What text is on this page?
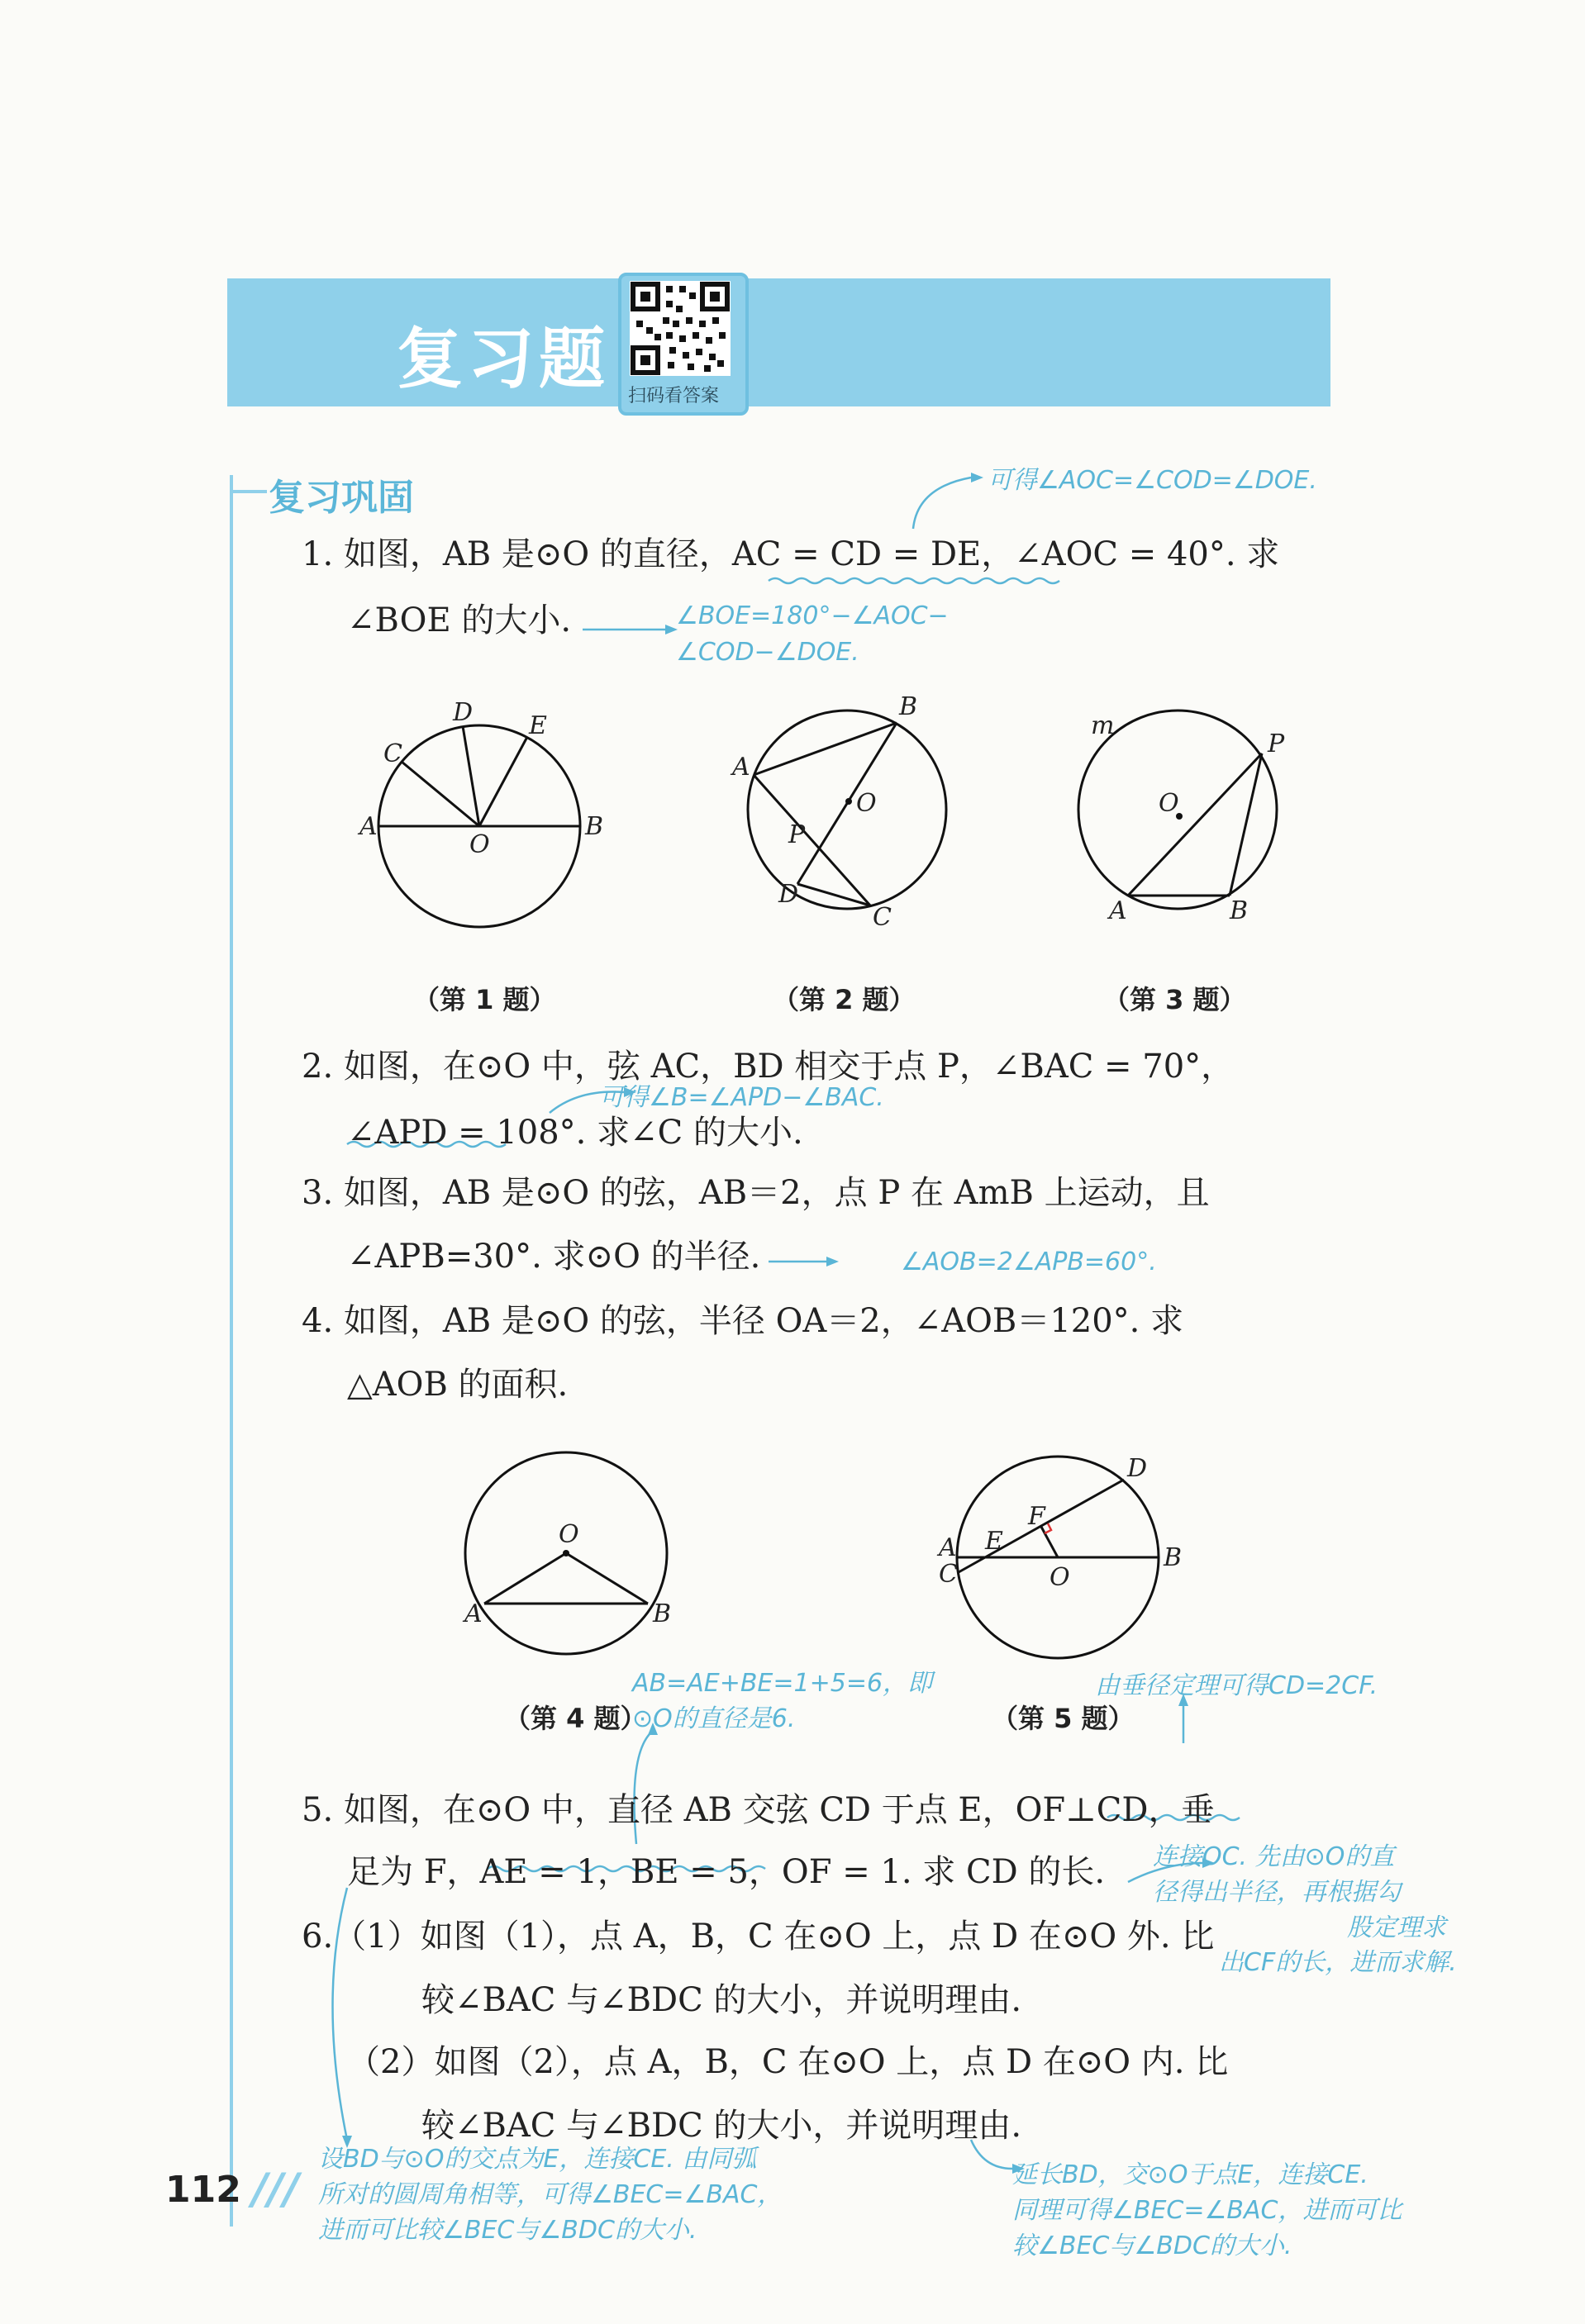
复习题 扫码看答案
复习巩固
1. 如图，AB 是⊙O 的直径，AC = CD = DE，∠AOC = 40°. 求
∠BOE 的大小.
2. 如图，在⊙O 中，弦 AC，BD 相交于点 P，∠BAC = 70°，
∠APD = 108°. 求∠C 的大小.
3. 如图，AB 是⊙O 的弦，AB＝2，点 P 在 AmB 上运动，且
∠APB=30°. 求⊙O 的半径.
4. 如图，AB 是⊙O 的弦，半径 OA＝2，∠AOB＝120°. 求
△AOB 的面积.
5. 如图，在⊙O 中，直径 AB 交弦 CD 于点 E，OF⊥CD，垂
足为 F，AE = 1，BE = 5，OF = 1. 求 CD 的长.
6.（1）如图（1），点 A，B，C 在⊙O 上，点 D 在⊙O 外. 比
较∠BAC 与∠BDC 的大小，并说明理由.
（2）如图（2），点 A，B，C 在⊙O 上，点 D 在⊙O 内. 比
较∠BAC 与∠BDC 的大小，并说明理由.
可得∠AOC=∠COD=∠DOE.
∠BOE=180°−∠AOC−
∠COD−∠DOE.
可得∠B=∠APD−∠BAC.
∠AOB=2∠APB=60°.
AB=AE+BE=1+5=6，即
⊙O的直径是6.
由垂径定理可得CD=2CF.
连接OC. 先由⊙O的直
径得出半径，再根据勾
股定理求
出CF的长，进而求解.
设BD与⊙O的交点为E，连接CE. 由同弧
所对的圆周角相等，可得∠BEC=∠BAC，
进而可比较∠BEC与∠BDC的大小.
延长BD，交⊙O于点E，连接CE.
同理可得∠BEC=∠BAC，进而可比
较∠BEC与∠BDC的大小.
A	B
O
C
D E
A
B
C
D
P
O
m
O
P
A	B
（第 1 题）	（第 2 题）	（第 3 题）
O
A	B
A
C
E
F
D
O
B
（第 4 题）	（第 5 题）
112 ///
